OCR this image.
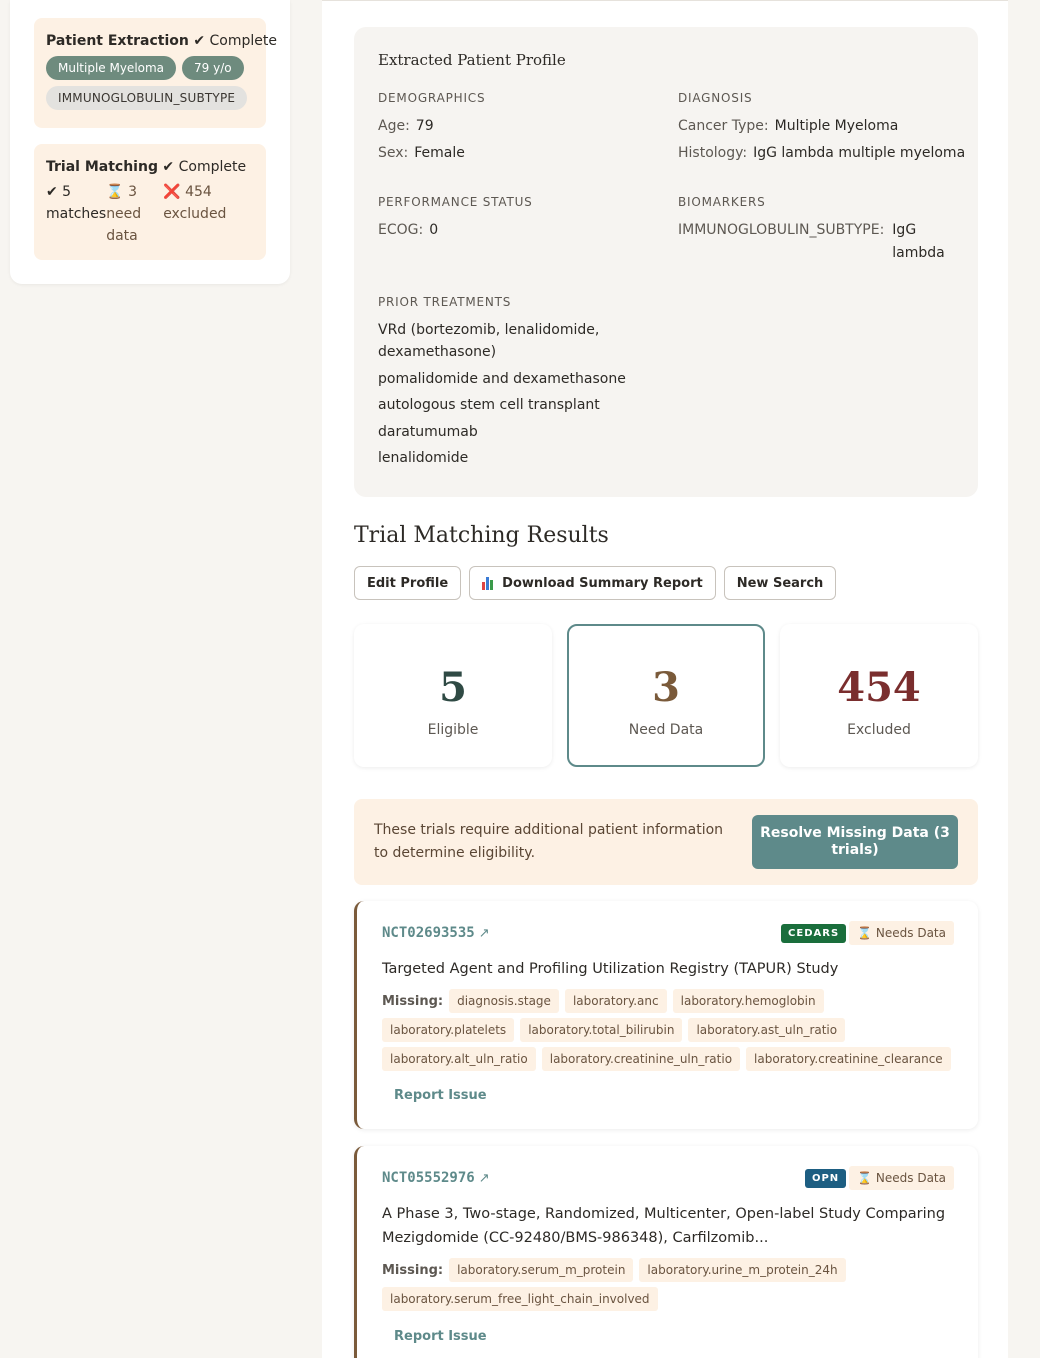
Patient Extraction ✔ Complete
Multiple Myeloma	79 y/o
IMMUNOGLOBULIN_SUBTYPE
Trial Matching ✔ Complete
✔ 5 matches
⌛ 3 need data
❌ 454 excluded
Extracted Patient Profile
DEMOGRAPHICS
Age: 79
Sex: Female
DIAGNOSIS
Cancer Type: Multiple Myeloma
Histology: IgG lambda multiple myeloma
PERFORMANCE STATUS
ECOG: 0
BIOMARKERS
IMMUNOGLOBULIN_SUBTYPE: IgG lambda
PRIOR TREATMENTS
VRd (bortezomib, lenalidomide, dexamethasone)
pomalidomide and dexamethasone
autologous stem cell transplant
daratumumab
lenalidomide
Trial Matching Results
Edit Profile	Download Summary Report	New Search
5
Eligible
3
Need Data
454
Excluded
These trials require additional patient information to determine eligibility.
Resolve Missing Data (3 trials)
NCT02693535 ↗	CEDARS	⌛ Needs Data
Targeted Agent and Profiling Utilization Registry (TAPUR) Study
Missing: diagnosis.stage laboratory.anc laboratory.hemoglobinlaboratory.platelets laboratory.total_bilirubin laboratory.ast_uln_ratiolaboratory.alt_uln_ratio laboratory.creatinine_uln_ratio laboratory.creatinine_clearance
Report Issue
NCT05552976 ↗	OPN	⌛ Needs Data
A Phase 3, Two-stage, Randomized, Multicenter, Open-label Study Comparing Mezigdomide (CC-92480/BMS-986348), Carfilzomib...
Missing: laboratory.serum_m_protein laboratory.urine_m_protein_24hlaboratory.serum_free_light_chain_involved
Report Issue
